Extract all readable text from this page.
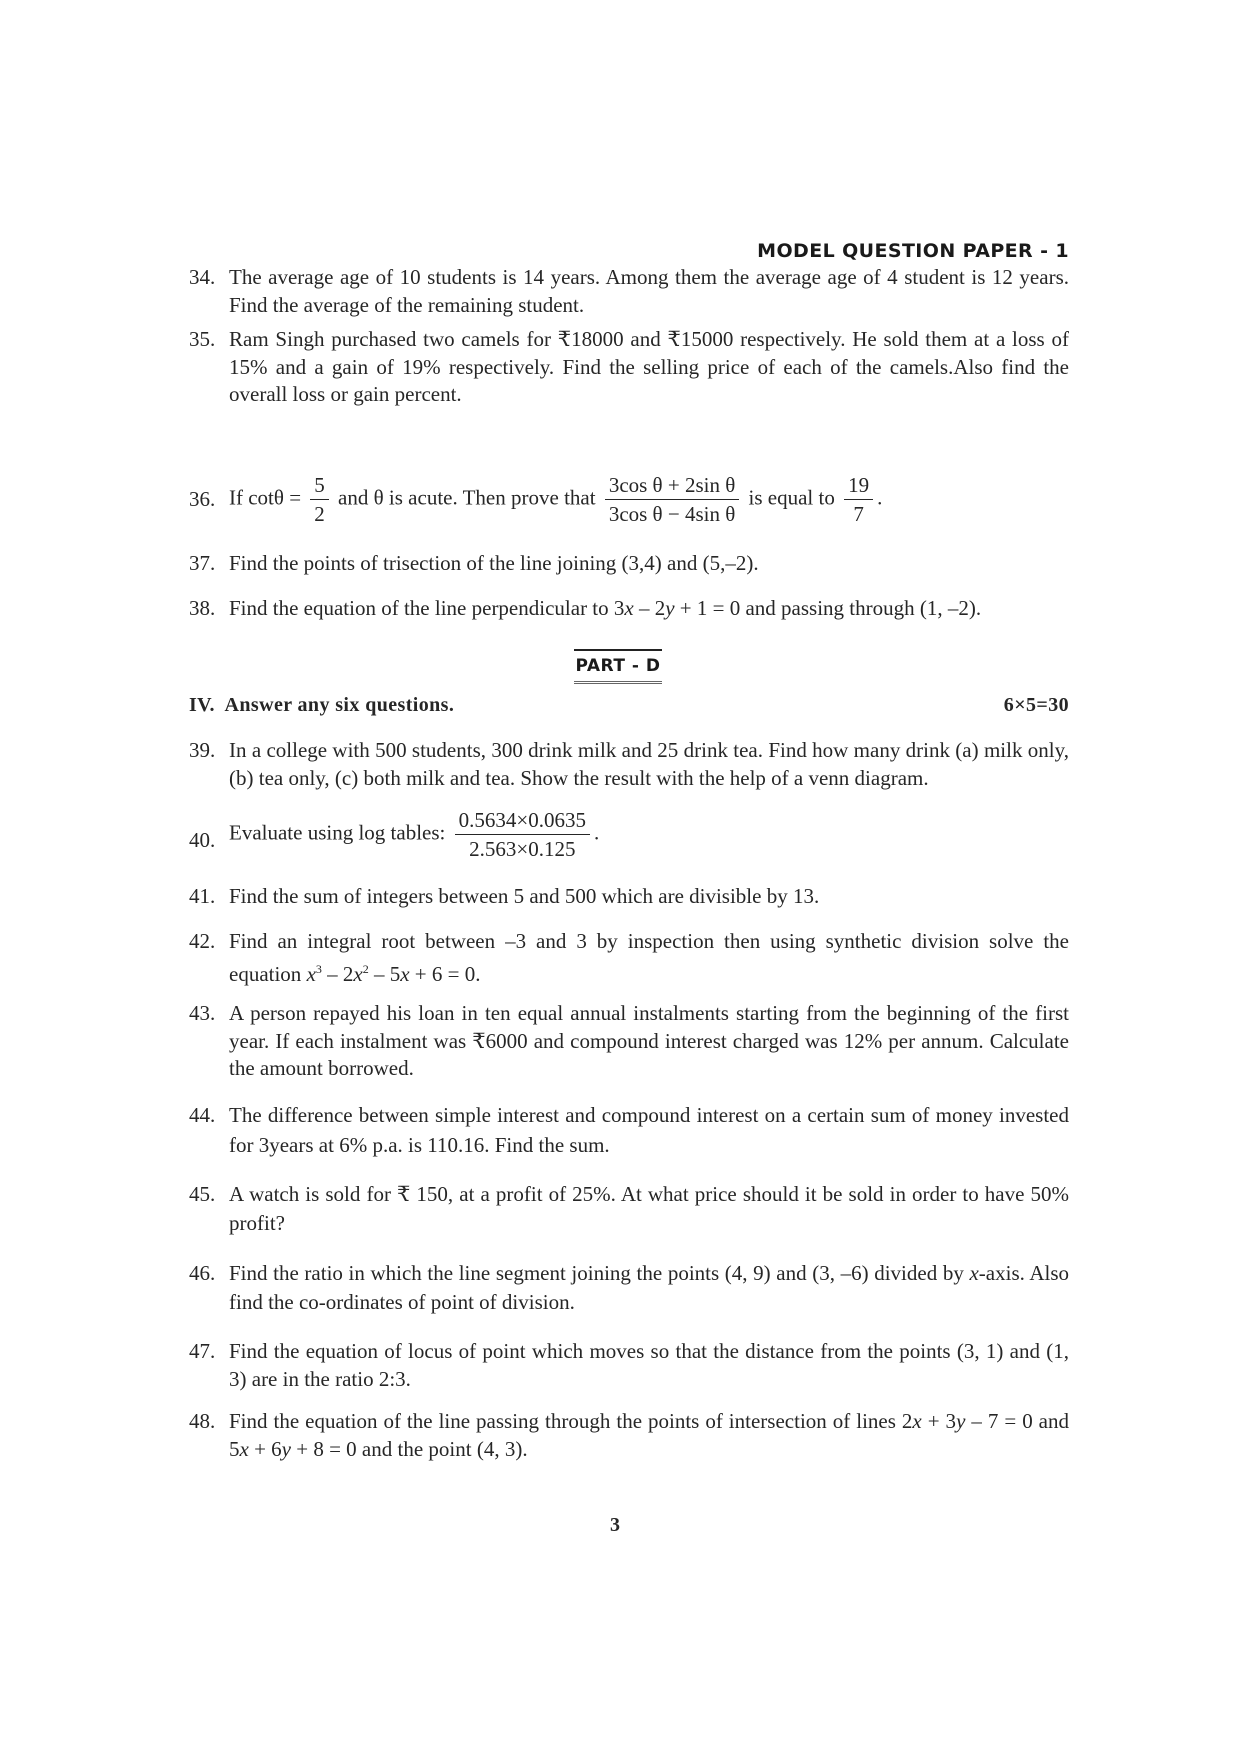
MODEL QUESTION PAPER - 1
34. The average age of 10 students is 14 years. Among them the average age of 4 student is 12 years. Find the average of the remaining student.
35. Ram Singh purchased two camels for ₹18000 and ₹15000 respectively. He sold them at a loss of 15% and a gain of 19% respectively. Find the selling price of each of the camels.Also find the overall loss or gain percent.
36. If $\cot\theta = \frac{5}{2}$ and θ is acute. Then prove that $\frac{\text{3cos θ + 2sin θ}}{\text{3cos θ − 4sin θ}}$ is equal to $\frac{19}{7}$ .
37. Find the points of trisection of the line joining (3,4) and (5,–2).
38. Find the equation of the line perpendicular to 3x – 2y + 1 = 0 and passing through (1, –2).
PART - D
IV.  Answer any six questions.	6×5=30
39. In a college with 500 students, 300 drink milk and 25 drink tea. Find how many drink (a) milk only, (b) tea only, (c) both milk and tea. Show the result with the help of a venn diagram.
40. Evaluate using log tables: $\frac{0.5634\times 0.0635}{2.563\times 0.125}$ .
41. Find the sum of integers between 5 and 500 which are divisible by 13.
42. Find an integral root between –3 and 3 by inspection then using synthetic division solve the equation $x^3 - 2x^2 - 5x + 6 = 0$.
43. A person repayed his loan in ten equal annual instalments starting from the beginning of the first year. If each instalment was ₹6000 and compound interest charged was 12% per annum. Calculate the amount borrowed.
44. The difference between simple interest and compound interest on a certain sum of money invested for 3years at 6% p.a. is 110.16. Find the sum.
45. A watch is sold for ₹ 150, at a profit of 25%. At what price should it be sold in order to have 50% profit?
46. Find the ratio in which the line segment joining the points (4, 9) and (3, –6) divided by x-axis. Also find the co-ordinates of point of division.
47. Find the equation of locus of point which moves so that the distance from the points (3, 1) and (1, 3) are in the ratio 2:3.
48. Find the equation of the line passing through the points of intersection of lines 2x + 3y – 7 = 0 and 5x + 6y + 8 = 0 and the point (4, 3).
3
